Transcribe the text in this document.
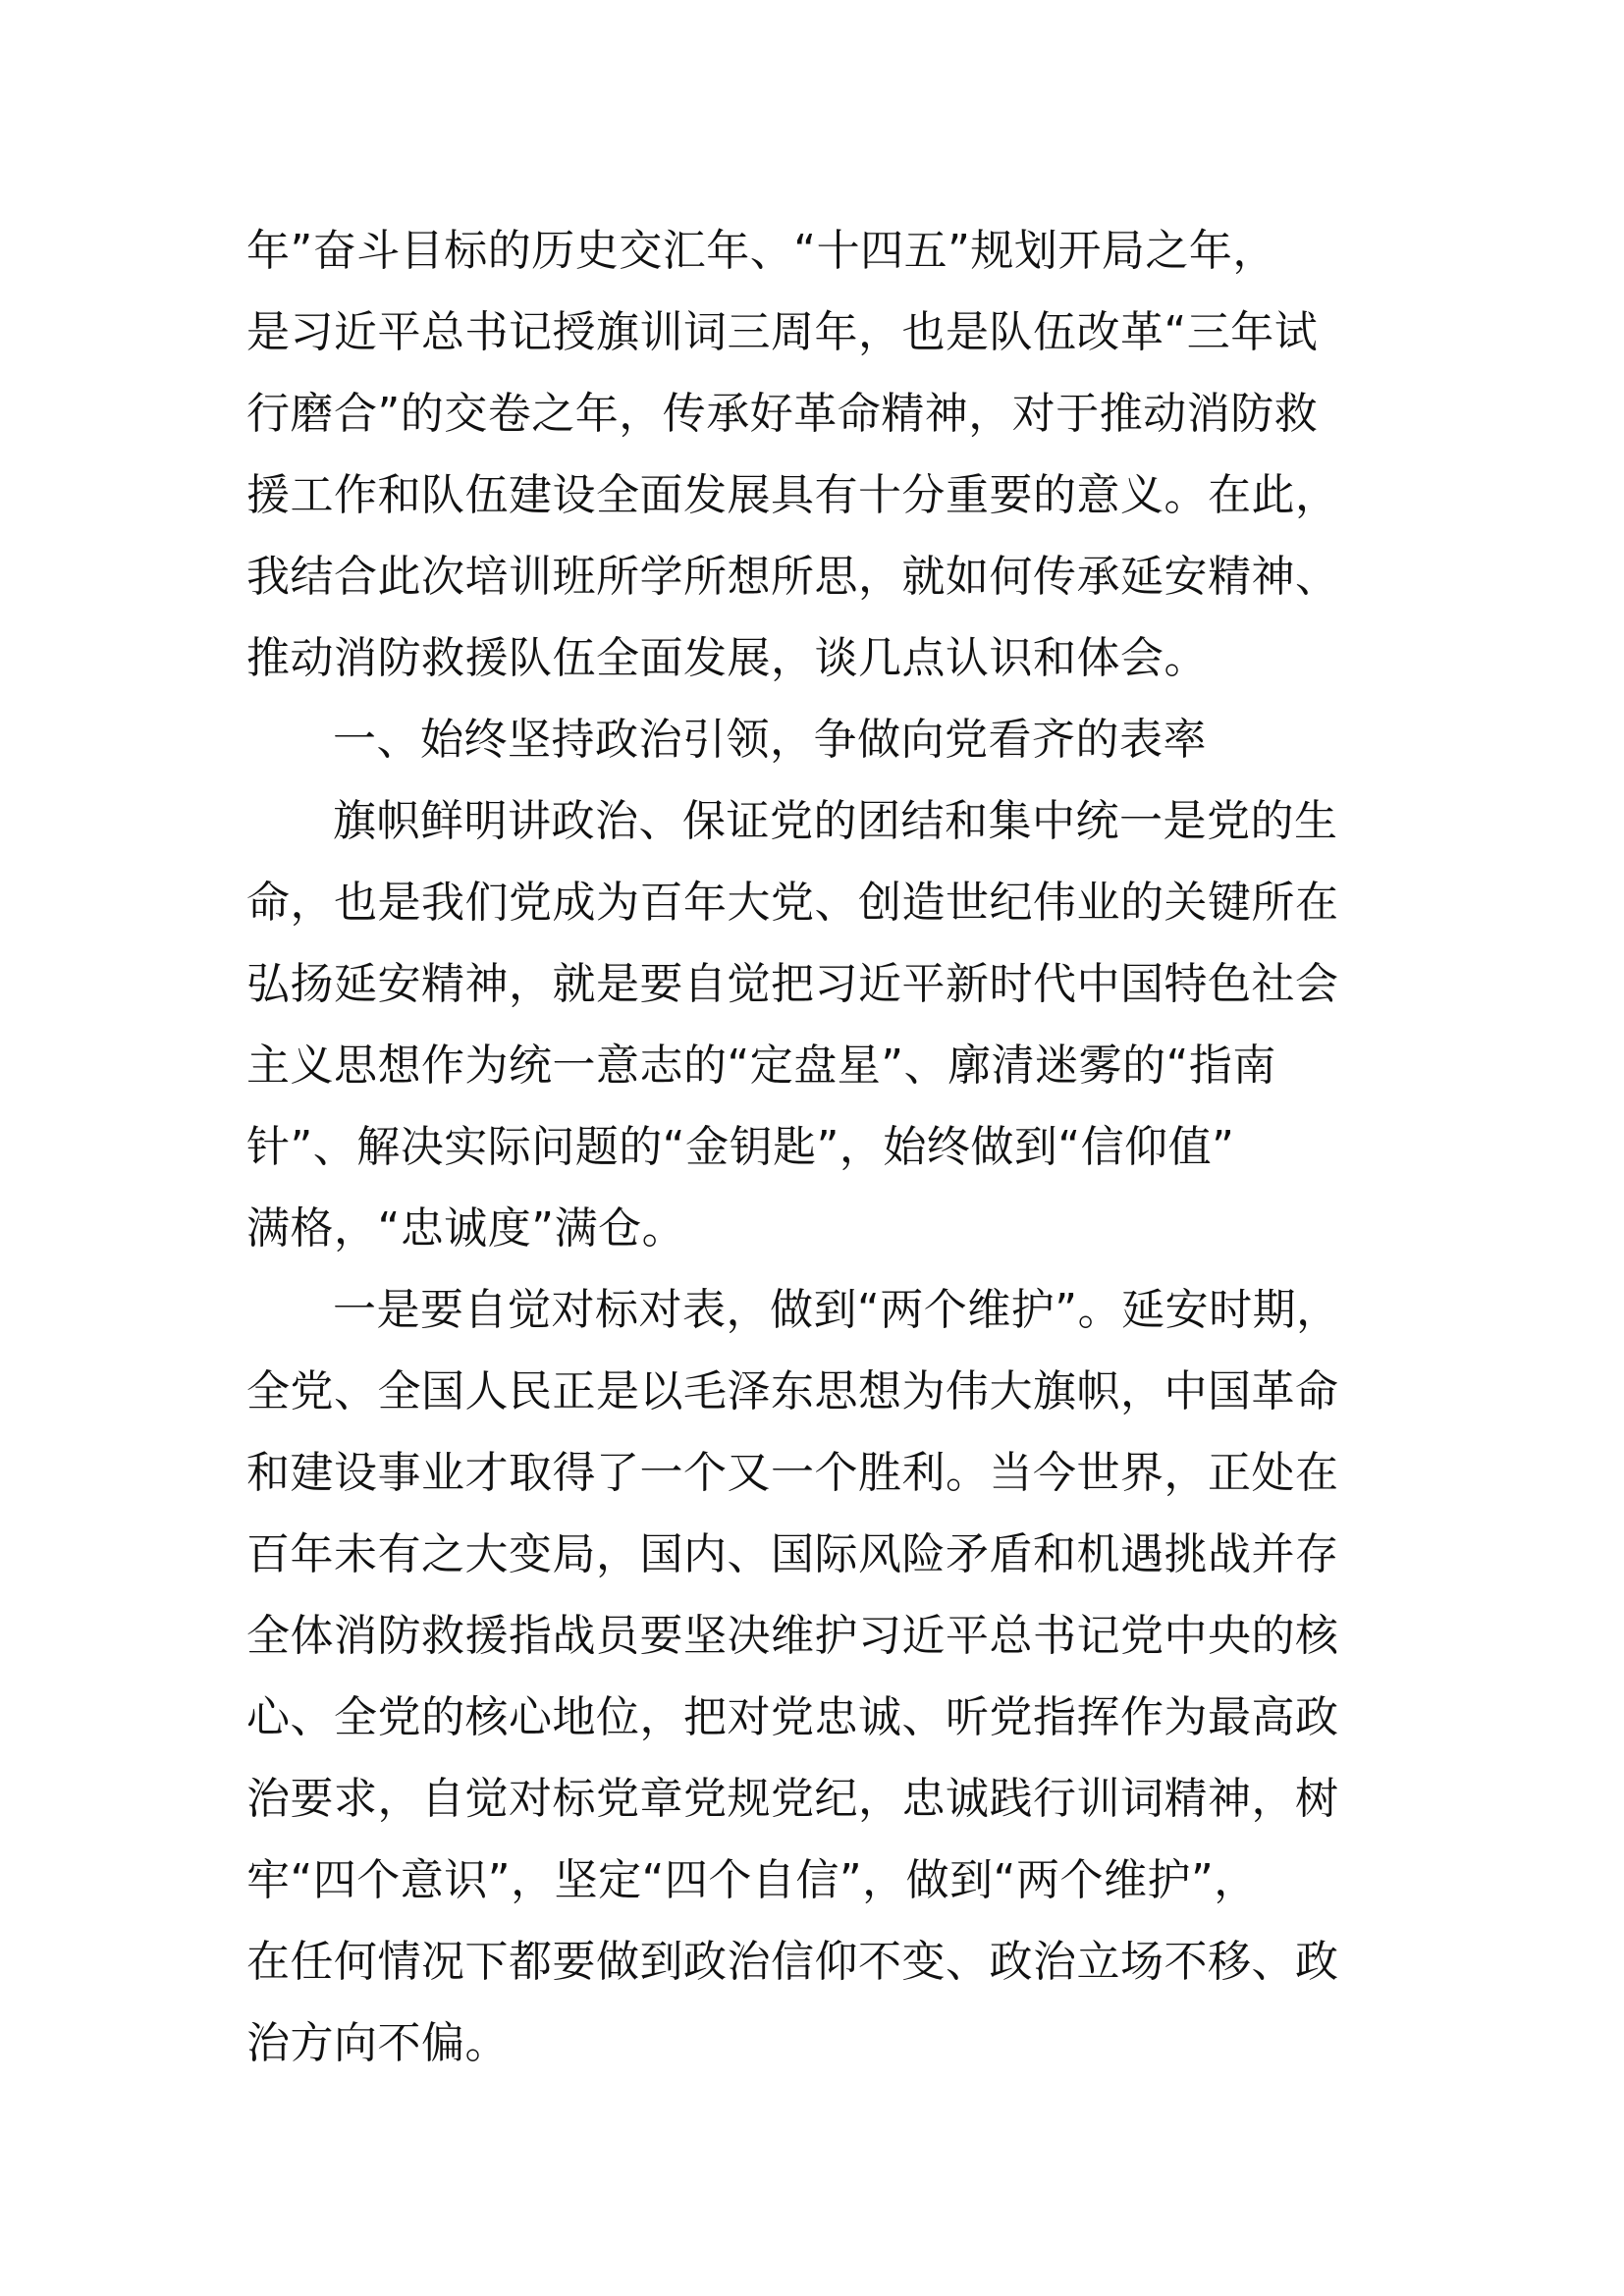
年”奋斗目标的历史交汇年、“十四五”规划开局之年，
是习近平总书记授旗训词三周年，也是队伍改革“三年试
行磨合”的交卷之年，传承好革命精神，对于推动消防救
援工作和队伍建设全面发展具有十分重要的意义。在此，
我结合此次培训班所学所想所思，就如何传承延安精神、
推动消防救援队伍全面发展，谈几点认识和体会。
一、始终坚持政治引领，争做向党看齐的表率
旗帜鲜明讲政治、保证党的团结和集中统一是党的生
命，也是我们党成为百年大党、创造世纪伟业的关键所在
弘扬延安精神，就是要自觉把习近平新时代中国特色社会
主义思想作为统一意志的“定盘星”、廓清迷雾的“指南
针”、解决实际问题的“金钥匙”，始终做到“信仰值”
满格，“忠诚度”满仓。
一是要自觉对标对表，做到“两个维护”。延安时期，
全党、全国人民正是以毛泽东思想为伟大旗帜，中国革命
和建设事业才取得了一个又一个胜利。当今世界，正处在
百年未有之大变局，国内、国际风险矛盾和机遇挑战并存
全体消防救援指战员要坚决维护习近平总书记党中央的核
心、全党的核心地位，把对党忠诚、听党指挥作为最高政
治要求，自觉对标党章党规党纪，忠诚践行训词精神，树
牢“四个意识”，坚定“四个自信”，做到“两个维护”，
在任何情况下都要做到政治信仰不变、政治立场不移、政
治方向不偏。
